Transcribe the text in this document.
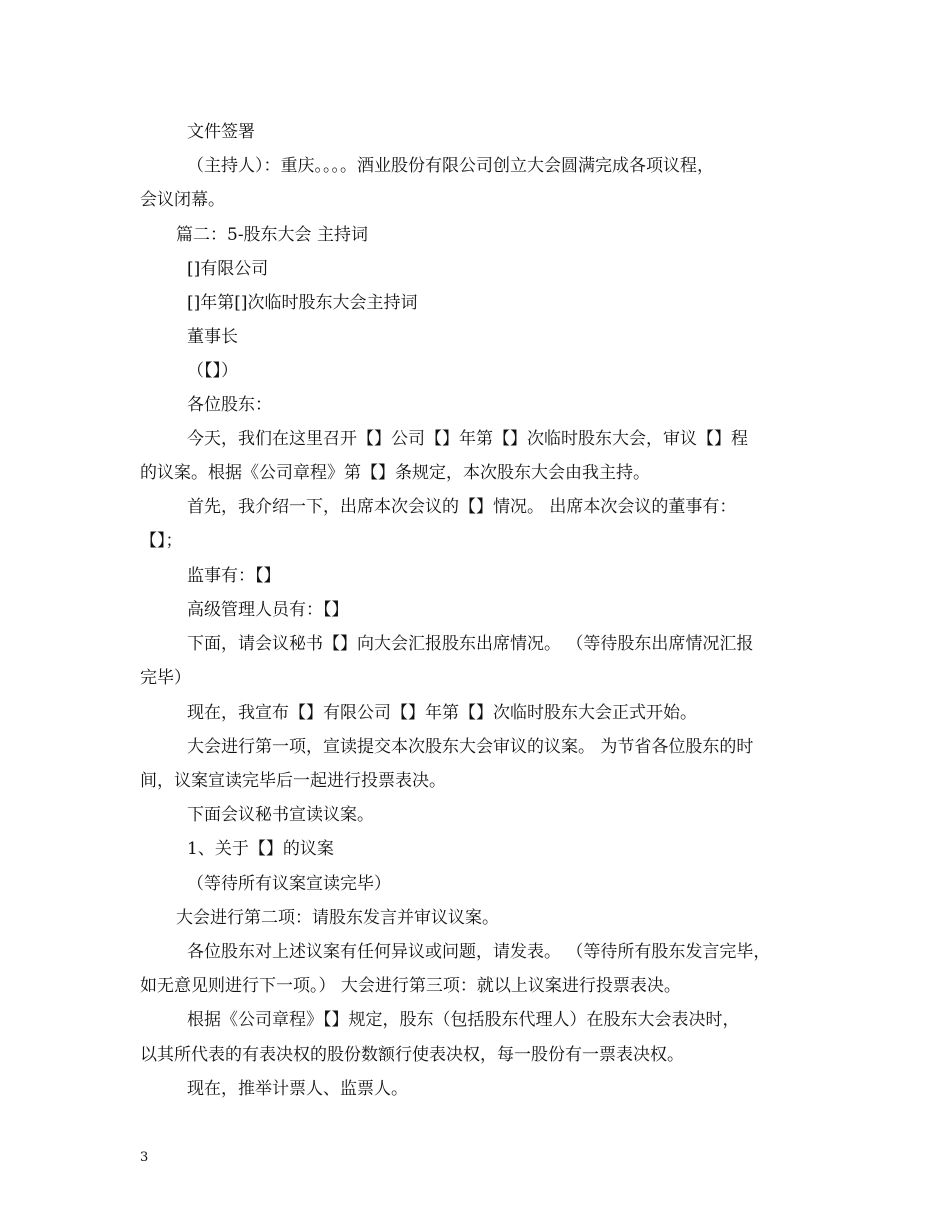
文件签署
（主持人）：重庆。。。。酒业股份有限公司创立大会圆满完成各项议程，
会议闭幕。
篇二：5-股东大会 主持词
[]有限公司
[]年第[]次临时股东大会主持词
董事长
（【】）
各位股东：
今天，我们在这里召开【】公司【】年第【】次临时股东大会，审议【】程
的议案。根据《公司章程》第【】条规定，本次股东大会由我主持。
首先，我介绍一下，出席本次会议的【】情况。 出席本次会议的董事有：
【】；
监事有：【】
高级管理人员有：【】
下面，请会议秘书【】向大会汇报股东出席情况。 （等待股东出席情况汇报
完毕）
现在，我宣布【】有限公司【】年第【】次临时股东大会正式开始。
大会进行第一项，宣读提交本次股东大会审议的议案。 为节省各位股东的时
间，议案宣读完毕后一起进行投票表决。
下面会议秘书宣读议案。
1、关于【】的议案
（等待所有议案宣读完毕）
大会进行第二项：请股东发言并审议议案。
各位股东对上述议案有任何异议或问题，请发表。 （等待所有股东发言完毕，
如无意见则进行下一项。） 大会进行第三项：就以上议案进行投票表决。
根据《公司章程》【】规定，股东（包括股东代理人）在股东大会表决时，
以其所代表的有表决权的股份数额行使表决权，每一股份有一票表决权。
现在，推举计票人、监票人。
3
